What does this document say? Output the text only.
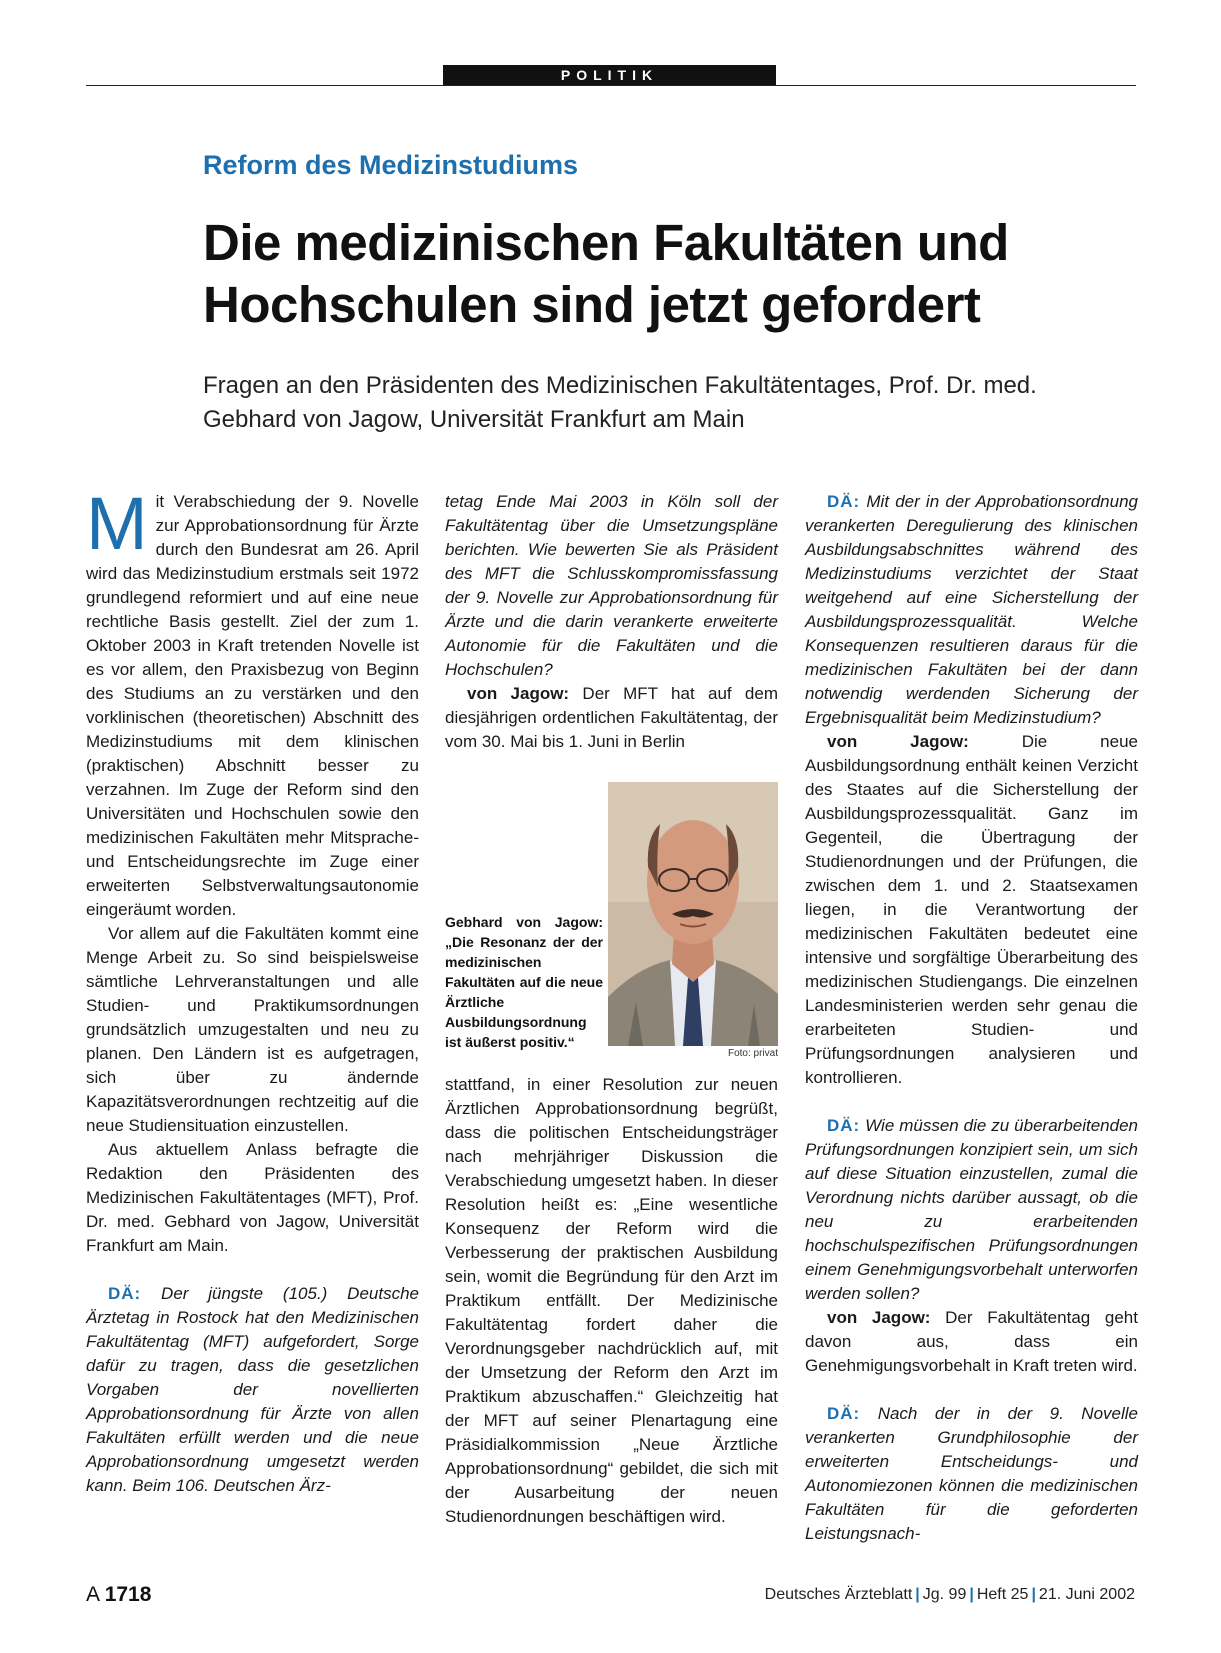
POLITIK
Reform des Medizinstudiums
Die medizinischen Fakultäten und Hochschulen sind jetzt gefordert
Fragen an den Präsidenten des Medizinischen Fakultätentages, Prof. Dr. med. Gebhard von Jagow, Universität Frankfurt am Main

Mit Verabschiedung der 9. Novelle zur Approbationsordnung für Ärzte durch den Bundesrat am 26. April wird das Medizinstudium erstmals seit 1972 grundlegend reformiert und auf eine neue rechtliche Basis gestellt. Ziel der zum 1. Oktober 2003 in Kraft tretenden Novelle ist es vor allem, den Praxisbezug von Beginn des Studiums an zu verstärken und den vorklinischen (theoretischen) Abschnitt des Medizinstudiums mit dem klinischen (praktischen) Abschnitt besser zu verzahnen. Im Zuge der Reform sind den Universitäten und Hochschulen sowie den medizinischen Fakultäten mehr Mitsprache- und Entscheidungsrechte im Zuge einer erweiterten Selbstverwaltungsautonomie eingeräumt worden.

Vor allem auf die Fakultäten kommt eine Menge Arbeit zu. So sind beispielsweise sämtliche Lehrveranstaltungen und alle Studien- und Praktikumsordnungen grundsätzlich umzugestalten und neu zu planen. Den Ländern ist es aufgetragen, sich über zu ändernde Kapazitätsverordnungen rechtzeitig auf die neue Studiensituation einzustellen.

Aus aktuellem Anlass befragte die Redaktion den Präsidenten des Medizinischen Fakultätentages (MFT), Prof. Dr. med. Gebhard von Jagow, Universität Frankfurt am Main.

DÄ: Der jüngste (105.) Deutsche Ärztetag in Rostock hat den Medizinischen Fakultätentag (MFT) aufgefordert, Sorge dafür zu tragen, dass die gesetzlichen Vorgaben der novellierten Approbationsordnung für Ärzte von allen Fakultäten erfüllt werden und die neue Approbationsordnung umgesetzt werden kann. Beim 106. Deutschen Ärz-

tetag Ende Mai 2003 in Köln soll der Fakultätentag über die Umsetzungspläne berichten. Wie bewerten Sie als Präsident des MFT die Schlusskompromissfassung der 9. Novelle zur Approbationsordnung für Ärzte und die darin verankerte erweiterte Autonomie für die Fakultäten und die Hochschulen?

von Jagow: Der MFT hat auf dem diesjährigen ordentlichen Fakultätentag, der vom 30. Mai bis 1. Juni in Berlin

Gebhard von Jagow: „Die Resonanz der der medizinischen Fakultäten auf die neue Ärztliche Ausbildungsordnung ist äußerst positiv.“
Foto: privat

stattfand, in einer Resolution zur neuen Ärztlichen Approbationsordnung begrüßt, dass die politischen Entscheidungsträger nach mehrjähriger Diskussion die Verabschiedung umgesetzt haben. In dieser Resolution heißt es: „Eine wesentliche Konsequenz der Reform wird die Verbesserung der praktischen Ausbildung sein, womit die Begründung für den Arzt im Praktikum entfällt. Der Medizinische Fakultätentag fordert daher die Verordnungsgeber nachdrücklich auf, mit der Umsetzung der Reform den Arzt im Praktikum abzuschaffen.“ Gleichzeitig hat der MFT auf seiner Plenartagung eine Präsidialkommission „Neue Ärztliche Approbationsordnung“ gebildet, die sich mit der Ausarbeitung der neuen Studienordnungen beschäftigen wird.

DÄ: Mit der in der Approbationsordnung verankerten Deregulierung des klinischen Ausbildungsabschnittes während des Medizinstudiums verzichtet der Staat weitgehend auf eine Sicherstellung der Ausbildungsprozessqualität. Welche Konsequenzen resultieren daraus für die medizinischen Fakultäten bei der dann notwendig werdenden Sicherung der Ergebnisqualität beim Medizinstudium?

von Jagow: Die neue Ausbildungsordnung enthält keinen Verzicht des Staates auf die Sicherstellung der Ausbildungsprozessqualität. Ganz im Gegenteil, die Übertragung der Studienordnungen und der Prüfungen, die zwischen dem 1. und 2. Staatsexamen liegen, in die Verantwortung der medizinischen Fakultäten bedeutet eine intensive und sorgfältige Überarbeitung des medizinischen Studiengangs. Die einzelnen Landesministerien werden sehr genau die erarbeiteten Studien- und Prüfungsordnungen analysieren und kontrollieren.

DÄ: Wie müssen die zu überarbeitenden Prüfungsordnungen konzipiert sein, um sich auf diese Situation einzustellen, zumal die Verordnung nichts darüber aussagt, ob die neu zu erarbeitenden hochschulspezifischen Prüfungsordnungen einem Genehmigungsvorbehalt unterworfen werden sollen?

von Jagow: Der Fakultätentag geht davon aus, dass ein Genehmigungsvorbehalt in Kraft treten wird.

DÄ: Nach der in der 9. Novelle verankerten Grundphilosophie der erweiterten Entscheidungs- und Autonomiezonen können die medizinischen Fakultäten für die geforderten Leistungsnach-

A 1718	Deutsches Ärzteblatt | Jg. 99 | Heft 25 | 21. Juni 2002
